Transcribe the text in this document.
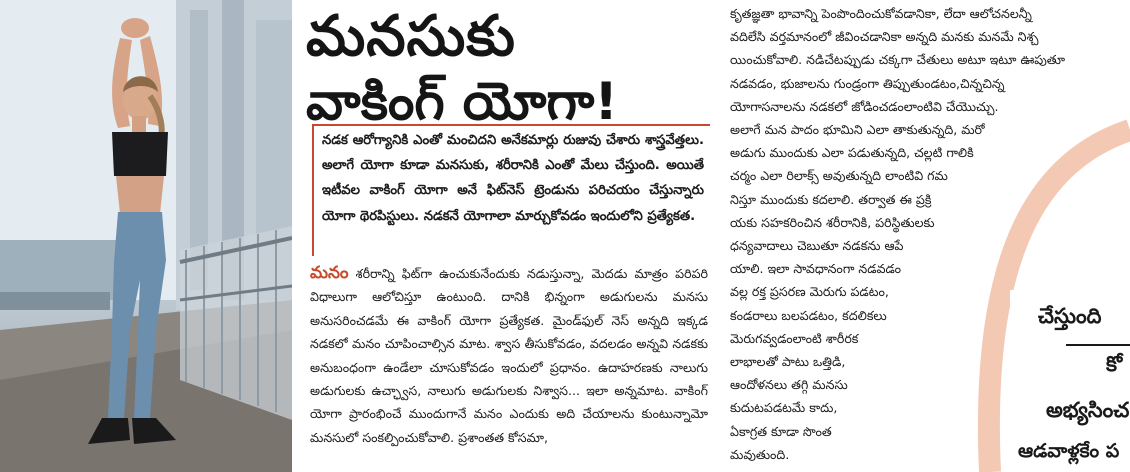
మనసుకు
వాకింగ్ యోగా!

నడక ఆరోగ్యానికి ఎంతో మంచిదని అనేకమార్లు రుజువు చేశారు శాస్త్రవేత్తలు. అలాగే యోగా కూడా మనసుకు, శరీరానికి ఎంతో మేలు చేస్తుంది. అయితే ఇటీవల వాకింగ్ యోగా అనే ఫిట్‌నెస్ ట్రెండును పరిచయం చేస్తున్నారు యోగా థెరపిస్టులు. నడకనే యోగాలా మార్చుకోవడం ఇందులోని ప్రత్యేకత.

మనం శరీరాన్ని ఫిట్‌గా ఉంచుకునేందుకు నడుస్తున్నా, మెదడు మాత్రం పరిపరి విధాలుగా ఆలోచిస్తూ ఉంటుంది. దానికి భిన్నంగా అడుగులను మనసు అనుసరించడమే ఈ వాకింగ్ యోగా ప్రత్యేకత. మైండ్‌ఫుల్ నెస్ అన్నది ఇక్కడ నడకలో మనం చూపించాల్సిన మాట. శ్వాస తీసుకోవడం, వదలడం అన్నవి నడకకు అనుబంధంగా ఉండేలా చూసుకోవడం ఇందులో ప్రధానం. ఉదాహరణకు నాలుగు అడుగులకు ఉచ్ఛ్వాస, నాలుగు అడుగులకు నిశ్వాస... ఇలా అన్నమాట. వాకింగ్ యోగా ప్రారంభించే ముందుగానే మనం ఎందుకు అది చేయాలను కుంటున్నామో మనసులో సంకల్పించుకోవాలి. ప్రశాంతత కోసమా,
కృతజ్ఞతా భావాన్ని పెంపొందించుకోవడానికా, లేదా ఆలోచనలన్నీ
వదిలేసి వర్తమానంలో జీవించడానికా అన్నది మనకు మనమే నిశ్చ
యించుకోవాలి. నడిచేటప్పుడు చక్కగా చేతులు అటూ ఇటూ ఊపుతూ
నడవడం, భుజాలను గుండ్రంగా తిప్పుతుండటం,చిన్నచిన్న
యోగాసనాలను నడకలో జోడించడంలాంటివి చేయొచ్చు.
అలాగే మన పాదం భూమిని ఎలా తాకుతున్నది, మరో
అడుగు ముందుకు ఎలా పడుతున్నది, చల్లటి గాలికి
చర్మం ఎలా రిలాక్స్ అవుతున్నది లాంటివి గమ
నిస్తూ ముందుకు కదలాలి. తర్వాత ఈ ప్రక్రి
యకు సహకరించిన శరీరానికి, పరిస్థితులకు
ధన్యవాదాలు చెబుతూ నడకను ఆపే
యాలి. ఇలా సావధానంగా నడవడం
వల్ల రక్త ప్రసరణ మెరుగు పడటం,
కండరాలు బలపడటం, కదలికలు
మెరుగవ్వడంలాంటి శారీరక
లాభాలతో పాటు ఒత్తిడి,
ఆందోళనలు తగ్గి మనసు
కుదుటపడటమే కాదు,
ఏకాగ్రత కూడా సొంత
మవుతుంది.
చేస్తుంది
కో
అభ్యసించ
ఆడవాళ్లకేం ప
